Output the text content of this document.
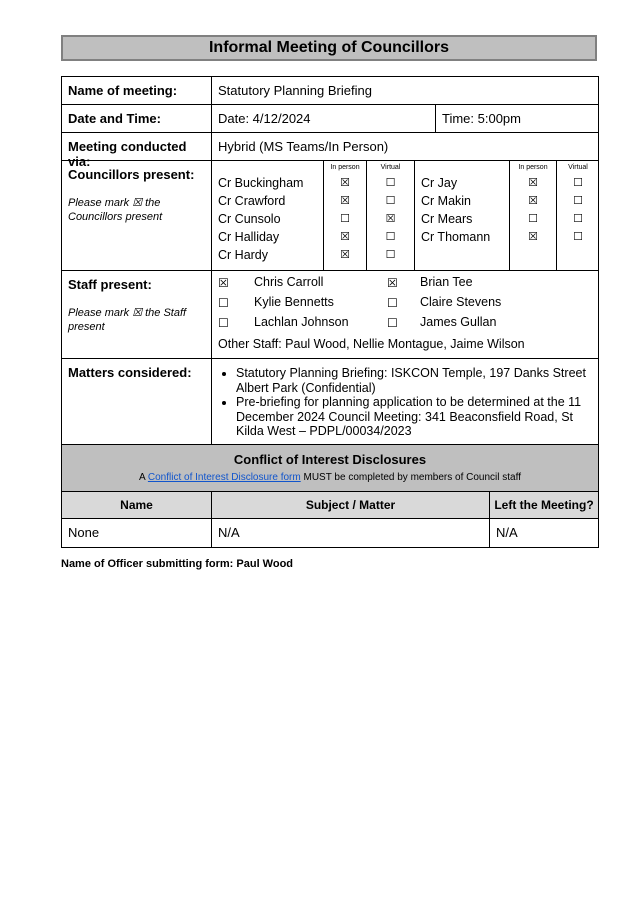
Informal Meeting of Councillors
Name of meeting:	Statutory Planning Briefing
Date and Time:	Date: 4/12/2024	Time: 5:00pm
Meeting conducted via:
Hybrid (MS Teams/In Person)
Councillors present:
Please mark ☒ the Councillors present
Cr Buckingham
Cr Crawford
Cr Cunsolo
Cr Halliday
Cr Hardy
In person
☒
☒
☐
☒
☒
Virtual
☐
☐
☒
☐
☐
Cr Jay
Cr Makin
Cr Mears
Cr Thomann
In person
☒
☒
☐
☒
Virtual
☐
☐
☐
☐
Staff present:
Please mark ☒ the Staff present
☒ Chris Carroll	☒ Brian Tee
☐ Kylie Bennetts	☐ Claire Stevens
☐ Lachlan Johnson	☐ James Gullan
Other Staff: Paul Wood, Nellie Montague, Jaime Wilson
Matters considered:
•	Statutory Planning Briefing: ISKCON Temple, 197 Danks Street Albert Park (Confidential)
• Pre-briefing for planning application to be determined at the 11 December 2024 Council Meeting: 341 Beaconsfield Road, St Kilda West – PDPL/00034/2023
Conflict of Interest Disclosures
A Conflict of Interest Disclosure form MUST be completed by members of Council staff
Name	Subject / Matter	Left the Meeting?
None	N/A	N/A
Name of Officer submitting form: Paul Wood
